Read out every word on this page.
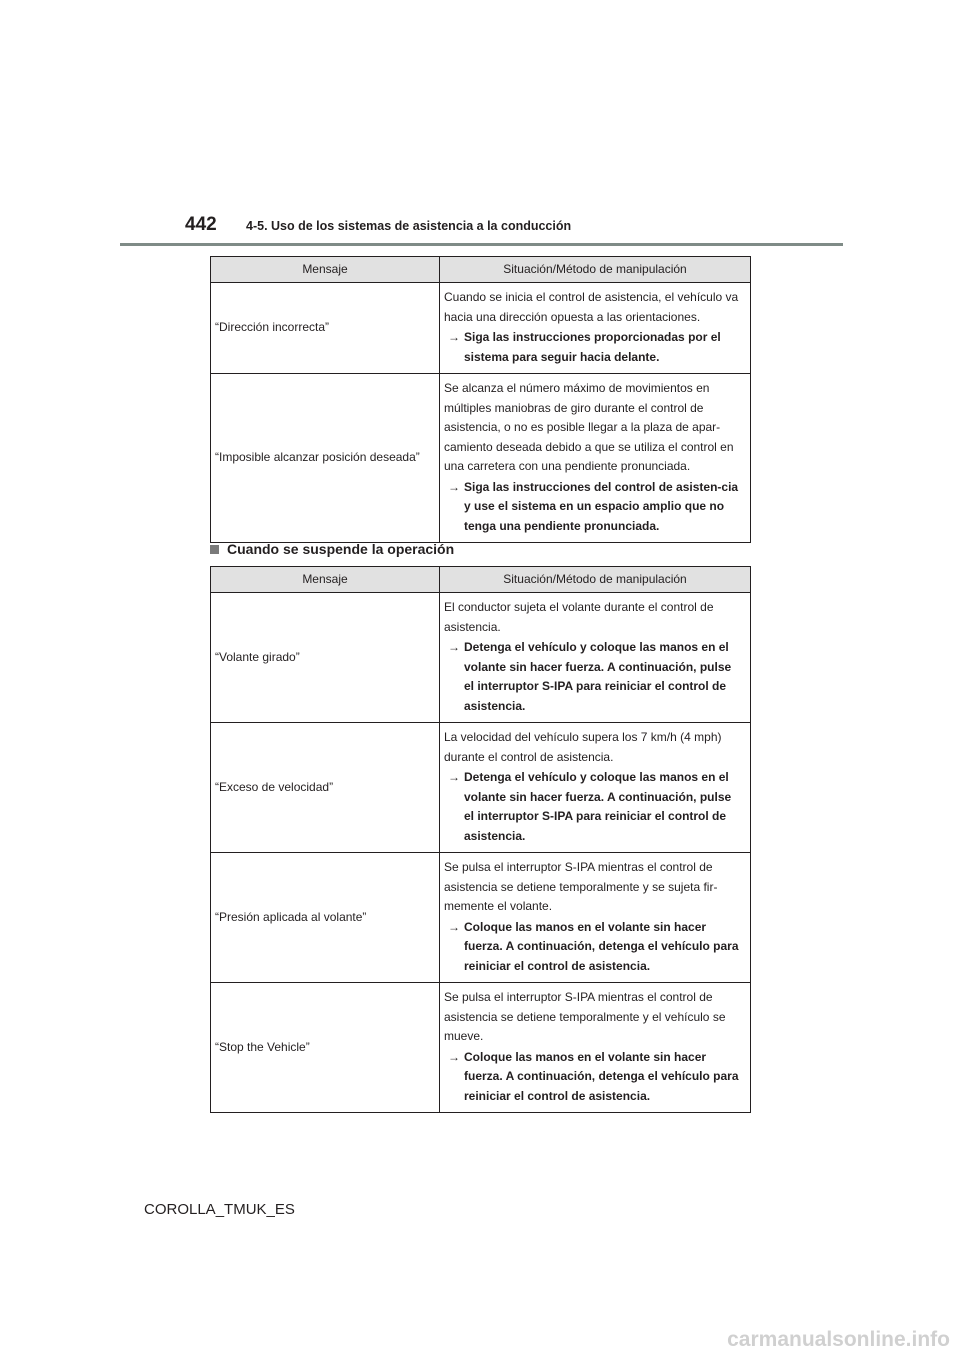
442 4-5. Uso de los sistemas de asistencia a la conducción
Mensaje	Situación/Método de manipulación
“Dirección incorrecta”	Cuando se inicia el control de asistencia, el vehículo va hacia una dirección opuesta a las orientaciones.
→ Siga las instrucciones proporcionadas por el sistema para seguir hacia delante.

“Imposible alcanzar posición deseada”	Se alcanza el número máximo de movimientos en múltiples maniobras de giro durante el control de asistencia, o no es posible llegar a la plaza de apar-camiento deseada debido a que se utiliza el control en una carretera con una pendiente pronunciada.
→ Siga las instrucciones del control de asisten-cia y use el sistema en un espacio amplio que no tenga una pendiente pronunciada.
Cuando se suspende la operación
Mensaje	Situación/Método de manipulación
“Volante girado”	El conductor sujeta el volante durante el control de asistencia.
→ Detenga el vehículo y coloque las manos en el volante sin hacer fuerza. A continuación, pulse el interruptor S-IPA para reiniciar el control de asistencia.

“Exceso de velocidad”	La velocidad del vehículo supera los 7 km/h (4 mph) durante el control de asistencia.
→ Detenga el vehículo y coloque las manos en el volante sin hacer fuerza. A continuación, pulse el interruptor S-IPA para reiniciar el control de asistencia.

“Presión aplicada al volante”	Se pulsa el interruptor S-IPA mientras el control de asistencia se detiene temporalmente y se sujeta fir-memente el volante.
→ Coloque las manos en el volante sin hacer fuerza. A continuación, detenga el vehículo para reiniciar el control de asistencia.

“Stop the Vehicle”	Se pulsa el interruptor S-IPA mientras el control de asistencia se detiene temporalmente y el vehículo se mueve.
→ Coloque las manos en el volante sin hacer fuerza. A continuación, detenga el vehículo para reiniciar el control de asistencia.
COROLLA_TMUK_ES
carmanualsonline.info
